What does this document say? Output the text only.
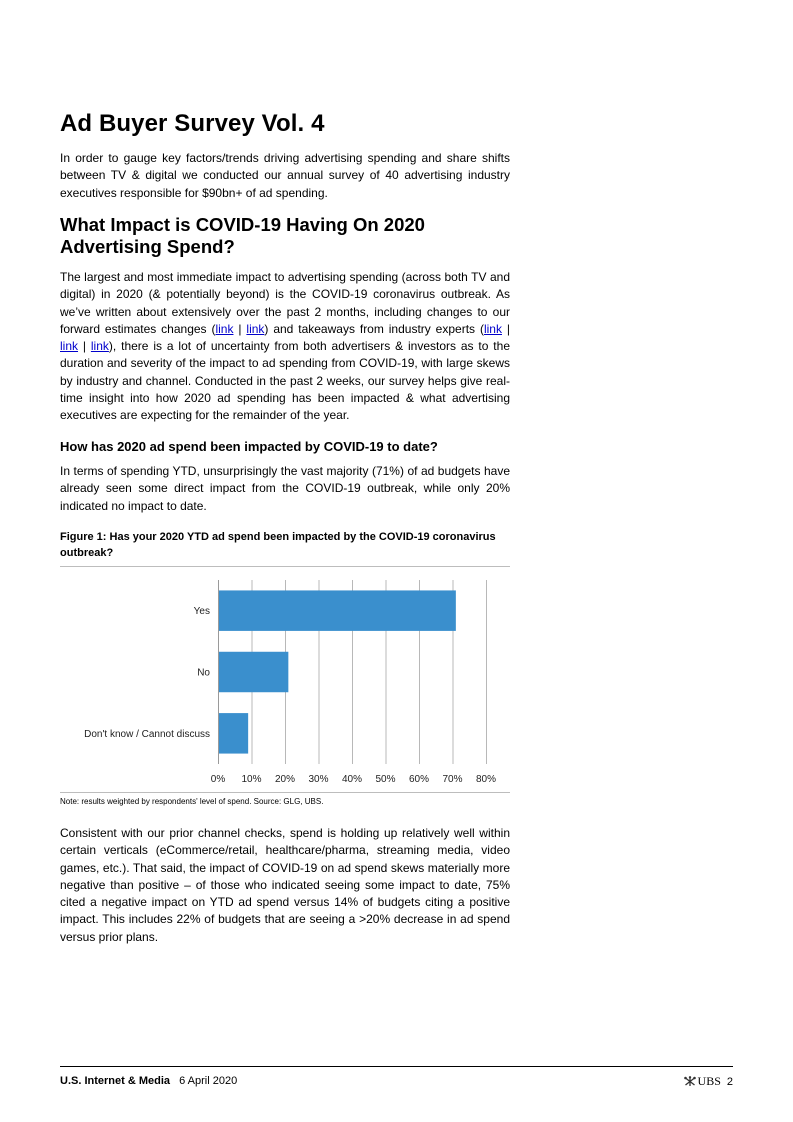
Ad Buyer Survey Vol. 4

In order to gauge key factors/trends driving advertising spending and share shifts between TV & digital we conducted our annual survey of 40 advertising industry executives responsible for $90bn+ of ad spending.

What Impact is COVID-19 Having On 2020 Advertising Spend?

The largest and most immediate impact to advertising spending (across both TV and digital) in 2020 (& potentially beyond) is the COVID-19 coronavirus outbreak. As we’ve written about extensively over the past 2 months, including changes to our forward estimates changes (link | link) and takeaways from industry experts (link | link | link), there is a lot of uncertainty from both advertisers & investors as to the duration and severity of the impact to ad spending from COVID-19, with large skews by industry and channel. Conducted in the past 2 weeks, our survey helps give real-time insight into how 2020 ad spending has been impacted & what advertising executives are expecting for the remainder of the year.

How has 2020 ad spend been impacted by COVID-19 to date?

In terms of spending YTD, unsurprisingly the vast majority (71%) of ad budgets have already seen some direct impact from the COVID-19 outbreak, while only 20% indicated no impact to date.

Figure 1: Has your 2020 YTD ad spend been impacted by the COVID-19 coronavirus outbreak?
Yes
No
Don't know / Cannot discuss
0% 10% 20% 30% 40% 50% 60% 70% 80%
Note: results weighted by respondents' level of spend. Source: GLG, UBS.

Consistent with our prior channel checks, spend is holding up relatively well within certain verticals (eCommerce/retail, healthcare/pharma, streaming media, video games, etc.). That said, the impact of COVID-19 on ad spend skews materially more negative than positive – of those who indicated seeing some impact to date, 75% cited a negative impact on YTD ad spend versus 14% of budgets citing a positive impact. This includes 22% of budgets that are seeing a >20% decrease in ad spend versus prior plans.

U.S. Internet & Media 6 April 2020	UBS 2
